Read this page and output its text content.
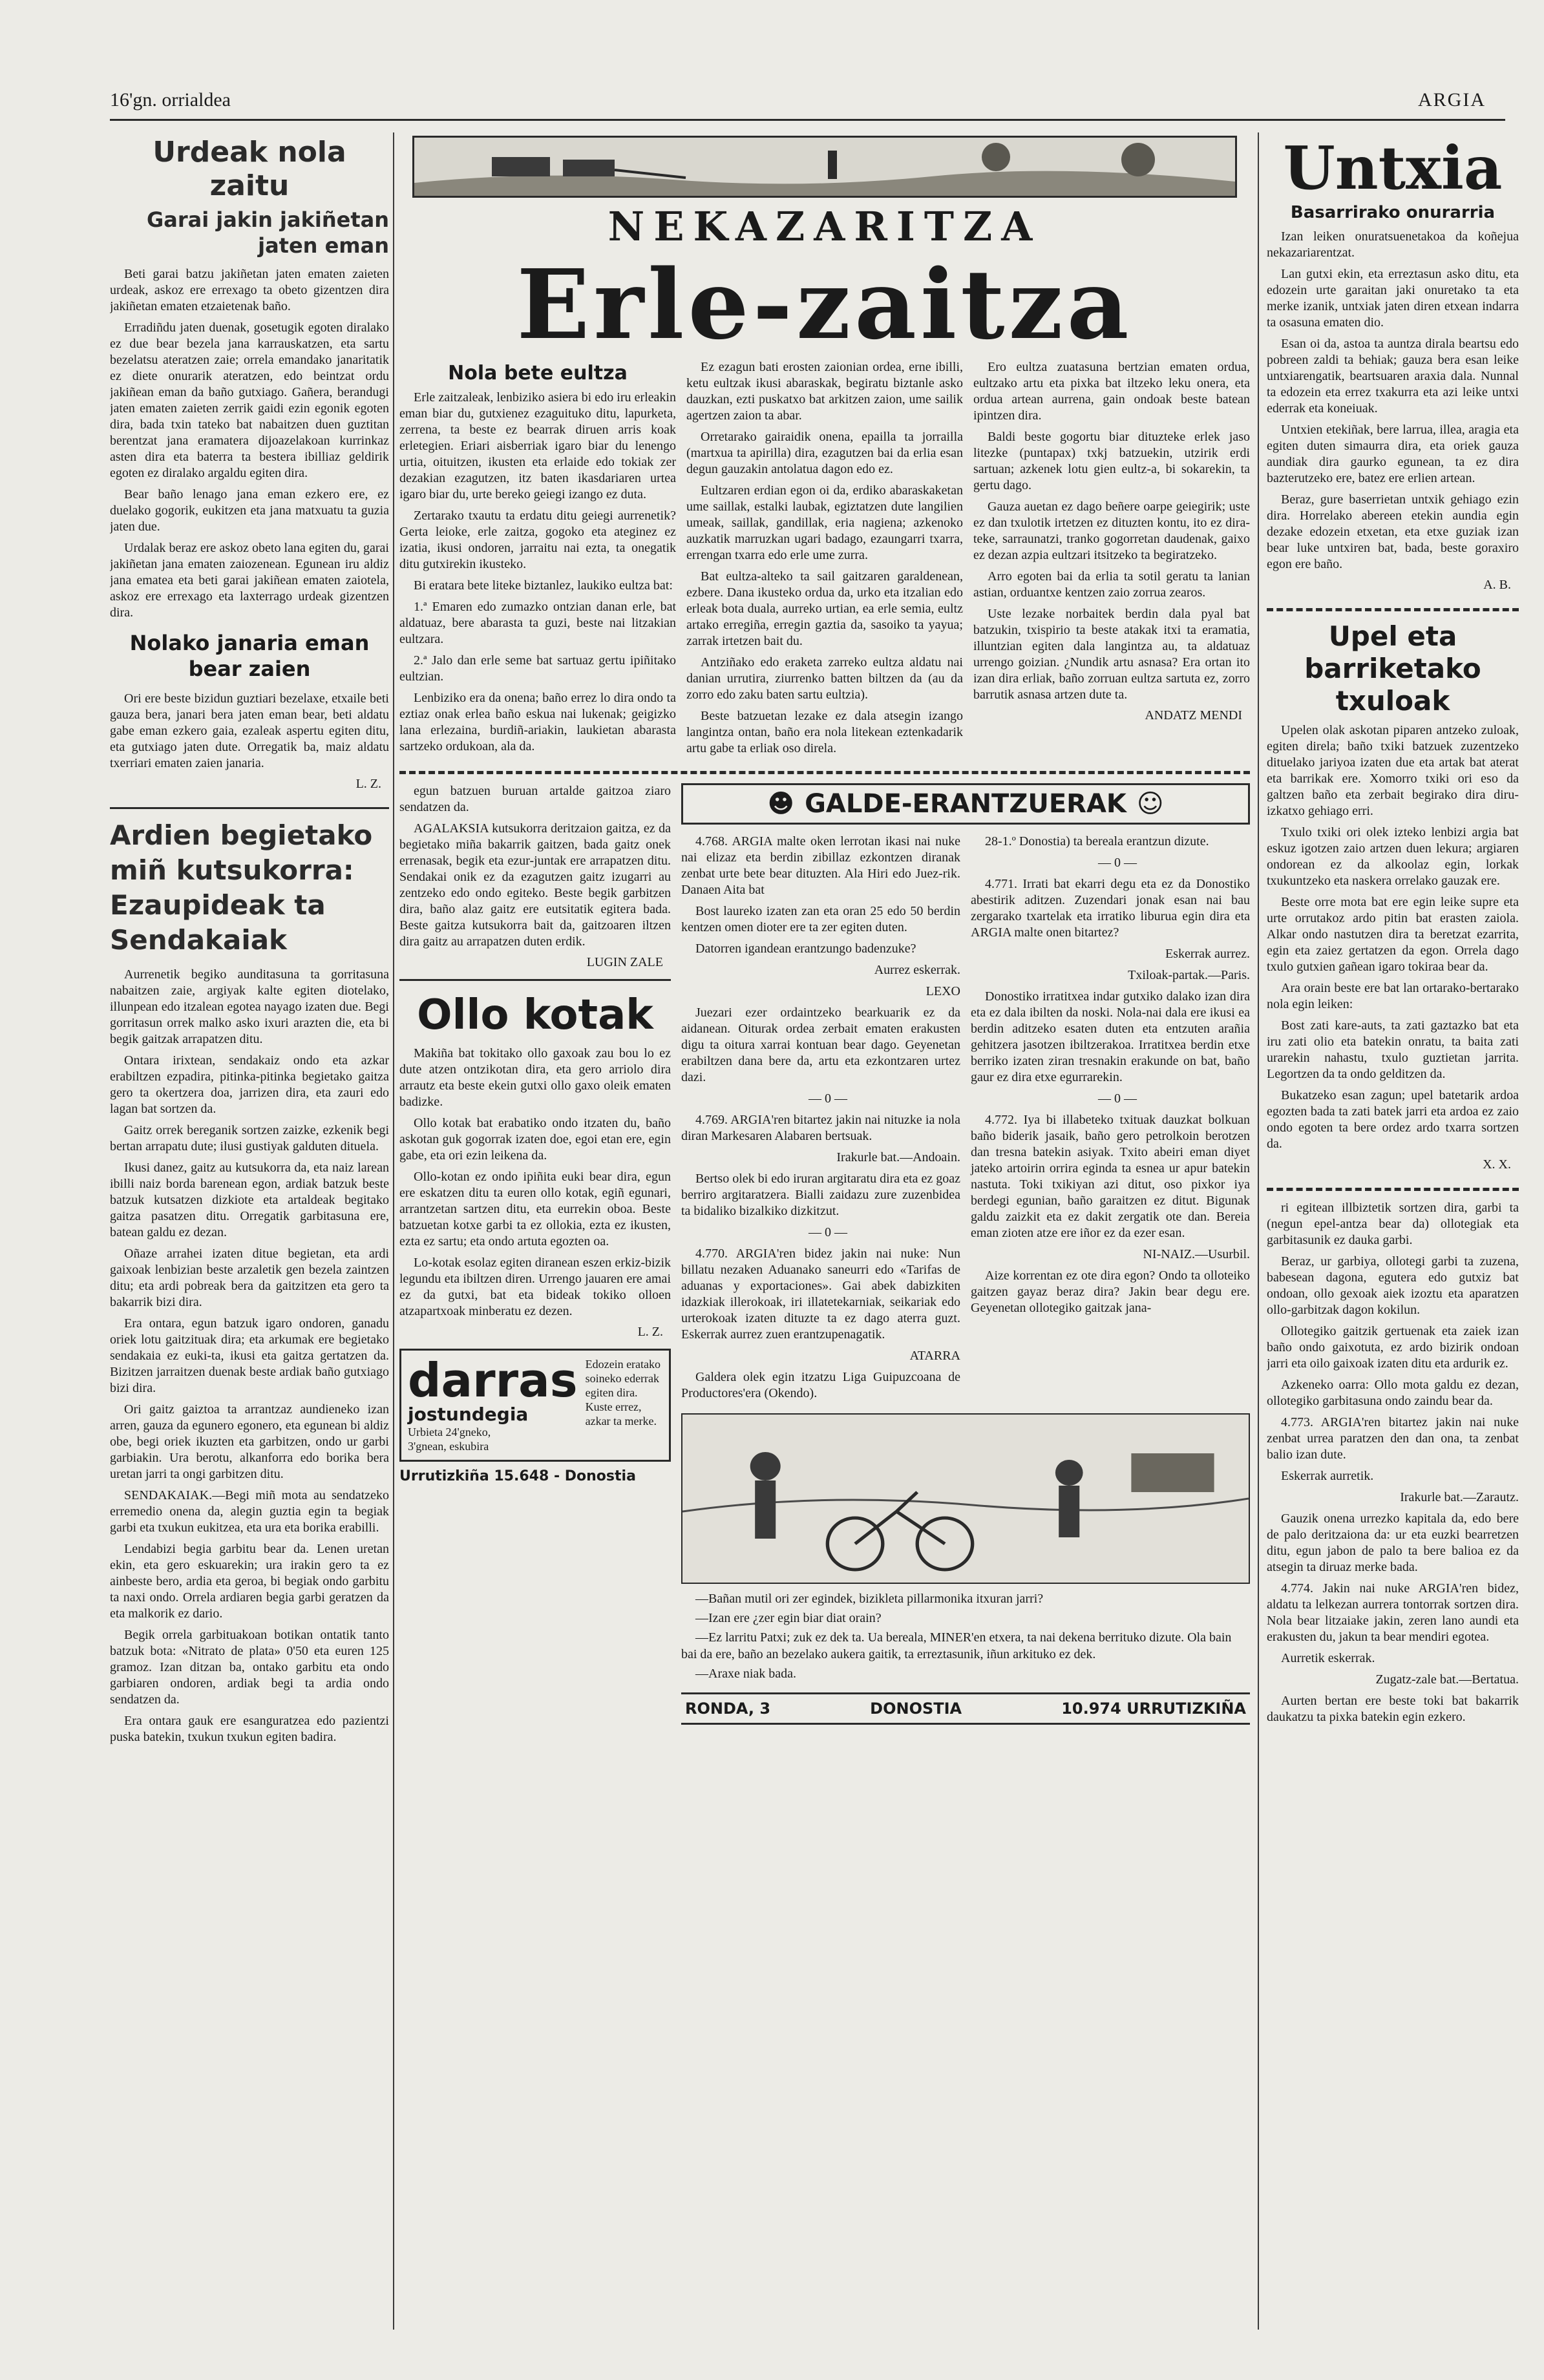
16'gn. orrialdea	ARGIA
Urdeak nola zaitu
Garai jakin jakiñetan jaten eman

Beti garai batzu jakiñetan jaten ematen zaieten urdeak, askoz ere errexago ta obeto gizentzen dira jakiñetan ematen etzaietenak baño.

Erradiñdu jaten duenak, gosetugik egoten diralako ez due bear bezela jana karrauskatzen, eta sartu bezelatsu ateratzen zaie; orrela emandako janaritatik ez diete onurarik ateratzen, edo beintzat ordu jakiñean eman da baño gutxiago. Gañera, berandugi jaten ematen zaieten zerrik gaidi ezin egonik egoten dira, bada txin tateko bat nabaitzen duen guztitan berentzat jana eramatera dijoazelakoan kurrinkaz asten dira eta baterra ta bestera ibilliaz geldirik egoten ez diralako argaldu egiten dira.

Bear baño lenago jana eman ezkero ere, ez duelako gogorik, eukitzen eta jana matxuatu ta guzia jaten due.

Urdalak beraz ere askoz obeto lana egiten du, garai jakiñetan jana ematen zaiozenean. Egunean iru aldiz jana ematea eta beti garai jakiñean ematen zaiotela, askoz ere errexago eta laxterrago urdeak gizentzen dira.

Nolako janaria eman bear zaien

Ori ere beste bizidun guztiari bezelaxe, etxaile beti gauza bera, janari bera jaten eman bear, beti aldatu gabe eman ezkero gaia, ezaleak aspertu egiten ditu, eta gutxiago jaten dute. Orregatik ba, maiz aldatu txerriari ematen zaien janaria.

L. Z.
Ardien begietako miñ kutsukorra: Ezaupideak ta Sendakaiak

Aurrenetik begiko aunditasuna ta gorritasuna nabaitzen zaie, argiyak kalte egiten diotelako, illunpean edo itzalean egotea nayago izaten due. Begi gorritasun orrek malko asko ixuri arazten die, eta bi begik gaitzak arrapatzen ditu.

Ontara irixtean, sendakaiz ondo eta azkar erabiltzen ezpadira, pitinka-pitinka begietako gaitza gero ta okertzera doa, jarrizen dira, eta zauri edo lagan bat sortzen da.

Gaitz orrek bereganik sortzen zaizke, ezkenik begi bertan arrapatu dute; ilusi gustiyak galduten dituela.

Ikusi danez, gaitz au kutsukorra da, eta naiz larean ibilli naiz borda barenean egon, ardiak batzuk beste batzuk kutsatzen dizkiote eta artaldeak begitako gaitza pasatzen ditu. Orregatik garbitasuna ere, batean galdu ez dezan.

Oñaze arrahei izaten ditue begietan, eta ardi gaixoak lenbizian beste arzaletik gen bezela zaintzen ditu; eta ardi pobreak bera da gaitzitzen eta gero ta bakarrik bizi dira.

Era ontara, egun batzuk igaro ondoren, ganadu oriek lotu gaitzituak dira; eta arkumak ere begietako sendakaia ez euki-ta, ikusi eta gaitza gertatzen da. Bizitzen jarraitzen duenak beste ardiak baño gutxiago bizi dira.

Ori gaitz gaiztoa ta arrantzaz aundieneko izan arren, gauza da egunero egonero, eta egunean bi aldiz obe, begi oriek ikuzten eta garbitzen, ondo ur garbi garbiakin. Ura berotu, alkanforra edo borika bera uretan jarri ta ongi garbitzen ditu.

SENDAKAIAK.—Begi miñ mota au sendatzeko erremedio onena da, alegin guztia egin ta begiak garbi eta txukun eukitzea, eta ura eta borika erabilli.

Lendabizi begia garbitu bear da. Lenen uretan ekin, eta gero eskuarekin; ura irakin gero ta ez ainbeste bero, ardia eta geroa, bi begiak ondo garbitu ta naxi ondo. Orrela ardiaren begia garbi geratzen da eta malkorik ez dario.

Begik orrela garbituakoan botikan ontatik tanto batzuk bota: «Nitrato de plata» 0'50 eta euren 125 gramoz. Izan ditzan ba, ontako garbitu eta ondo garbiaren ondoren, ardiak begi ta ardia ondo sendatzen da.

Era ontara gauk ere esanguratzea edo pazientzi puska batekin, txukun txukun egiten badira.

NEKAZARITZA
Erle-zaitza
Nola bete eultza

Erle zaitzaleak, lenbiziko asiera bi edo iru erleakin eman biar du, gutxienez ezaguituko ditu, lapurketa, zerrena, ta beste ez bearrak diruen arris koak erletegien. Eriari aisberriak igaro biar du lenengo urtia, oituitzen, ikusten eta erlaide edo tokiak zer dezakian ezagutzen, itz baten ikasdariaren urtea igaro biar du, urte bereko geiegi izango ez duta.

Zertarako txautu ta erdatu ditu geiegi aurrenetik? Gerta leioke, erle zaitza, gogoko eta ateginez ez izatia, ikusi ondoren, jarraitu nai ezta, ta onegatik ditu gutxirekin ikusteko.

Bi eratara bete liteke biztanlez, laukiko eultza bat:

1.ª Emaren edo zumazko ontzian danan erle, bat aldatuaz, bere abarasta ta guzi, beste nai litzakian eultzara.

2.ª Jalo dan erle seme bat sartuaz gertu ipiñitako eultzian.

Lenbiziko era da onena; baño errez lo dira ondo ta eztiaz onak erlea baño eskua nai lukenak; geigizko lana erlezaina, burdiñ-ariakin, laukietan abarasta sartzeko ordukoan, ala da.

Ez ezagun bati erosten zaionian ordea, erne ibilli, ketu eultzak ikusi abaraskak, begiratu biztanle asko dauzkan, ezti puskatxo bat arkitzen zaion, ume sailik agertzen zaion ta abar.

Orretarako gairaidik onena, epailla ta jorrailla (martxua ta apirilla) dira, ezagutzen bai da erlia esan degun gauzakin antolatua dagon edo ez.

Eultzaren erdian egon oi da, erdiko abaraskaketan ume saillak, estalki laubak, egiztatzen dute langilien umeak, saillak, gandillak, eria nagiena; azkenoko auzkatik marruzkan ugari badago, ezaungarri txarra, errengan txarra edo erle ume zurra.

Bat eultza-alteko ta sail gaitzaren garaldenean, ezbere. Dana ikusteko ordua da, urko eta itzalian edo erleak bota duala, aurreko urtian, ea erle semia, eultz artako erregiña, erregin gaztia da, sasoiko ta yayua; zarrak irtetzen bait du.

Antziñako edo eraketa zarreko eultza aldatu nai danian urrutira, ziurrenko batten biltzen da (au da zorro edo zaku baten sartu eultzia).

Beste batzuetan lezake ez dala atsegin izango langintza ontan, baño era nola litekean eztenkadarik artu gabe ta erliak oso direla.

Ero eultza zuatasuna bertzian ematen ordua, eultzako artu eta pixka bat iltzeko leku onera, eta ordua artean aurrena, gain ondoak beste batean ipintzen dira.

Baldi beste gogortu biar dituzteke erlek jaso litezke (puntapax) txkj batzuekin, utzirik erdi sartuan; azkenek lotu gien eultz-a, bi sokarekin, ta gertu dago.

Gauza auetan ez dago beñere oarpe geiegirik; uste ez dan txulotik irtetzen ez dituzten kontu, ito ez dira-teke, sarraunatzi, tranko gogorretan daudenak, gaixo ez dezan azpia eultzari itsitzeko ta begiratzeko.

Arro egoten bai da erlia ta sotil geratu ta lanian astian, orduantxe kentzen zaio zorrua zearos.

Uste lezake norbaitek berdin dala pyal bat batzukin, txispirio ta beste atakak itxi ta eramatia, illuntzian egiten dala langintza au, ta aldatuaz urrengo goizian. ¿Nundik artu asnasa? Era ortan ito izan dira erliak, baño zorruan eultza sartuta ez, zorro barrutik asnasa artzen dute ta.

ANDATZ MENDI

egun batzuen buruan artalde gaitzoa ziaro sendatzen da.

AGALAKSIA kutsukorra deritzaion gaitza, ez da begietako miña bakarrik gaitzen, bada gaitz onek errenasak, begik eta ezur-juntak ere arrapatzen ditu. Sendakai onik ez da ezagutzen gaitz izugarri au zentzeko edo ondo egiteko. Beste begik garbitzen dira, baño alaz gaitz ere eutsitatik egitera bada. Beste gaitza kutsukorra bait da, gaitzoaren iltzen dira gaitz au arrapatzen duten erdik.

LUGIN ZALE
Ollo kotak

Makiña bat tokitako ollo gaxoak zau bou lo ez dute atzen ontzikotan dira, eta gero arriolo dira arrautz eta beste ekein gutxi ollo gaxo oleik ematen badizke.

Ollo kotak bat erabatiko ondo itzaten du, baño askotan guk gogorrak izaten doe, egoi etan ere, egin gabe, eta ori ezin leikena da.

Ollo-kotan ez ondo ipiñita euki bear dira, egun ere eskatzen ditu ta euren ollo kotak, egiñ egunari, arrantzetan sartzen ditu, eta eurrekin oboa. Beste batzuetan kotxe garbi ta ez ollokia, ezta ez ikusten, ezta ez sartu; eta ondo artuta egozten oa.

Lo-kotak esolaz egiten diranean eszen erkiz-bizik legundu eta ibiltzen diren. Urrengo jauaren ere amai ez da gutxi, bat eta bideak tokiko olloen atzapartxoak minberatu ez dezen.

L. Z.
darras
jostundegia
Urbieta 24'gneko,
3'gnean, eskubira
Edozein eratako soineko ederrak egiten dira. Kuste errez, azkar ta merke.
Urrutizkiña 15.648 - Donostia
☻ GALDE-ERANTZUERAK ☺

4.768. ARGIA malte oken lerrotan ikasi nai nuke nai elizaz eta berdin zibillaz ezkontzen diranak zenbat urte bete bear dituzten. Ala Hiri edo Juez-rik. Danaen Aita bat

Bost laureko izaten zan eta oran 25 edo 50 berdin kentzen omen dioter ere ta zer egiten duten.

Datorren igandean erantzungo badenzuke?

Aurrez eskerrak.

LEXO

Juezari ezer ordaintzeko bearkuarik ez da aidanean. Oiturak ordea zerbait ematen erakusten digu ta oitura xarrai kontuan bear dago. Geyenetan erabiltzen dana bere da, artu eta ezkontzaren urtez dazi.

— 0 —

4.769. ARGIA'ren bitartez jakin nai nituzke ia nola diran Markesaren Alabaren bertsuak.

Irakurle bat.—Andoain.

Bertso olek bi edo iruran argitaratu dira eta ez goaz berriro argitaratzera. Bialli zaidazu zure zuzenbidea ta bidaliko bizalkiko dizkitzut.

— 0 —

4.770. ARGIA'ren bidez jakin nai nuke: Nun billatu nezaken Aduanako saneurri edo «Tarifas de aduanas y exportaciones». Gai abek dabizkiten idazkiak illerokoak, iri illatetekarniak, seikariak edo urterokoak izaten dituzte ta ez dago aterra guzt. Eskerrak aurrez zuen erantzupenagatik.

ATARRA

Galdera olek egin itzatzu Liga Guipuzcoana de Productores'era (Okendo).

28-1.º Donostia) ta bereala erantzun dizute.

— 0 —

4.771. Irrati bat ekarri degu eta ez da Donostiko abestirik aditzen. Zuzendari jonak esan nai bau zergarako txartelak eta irratiko liburua egin dira eta ARGIA malte onen bitartez?

Eskerrak aurrez.

Txiloak-partak.—Paris.

Donostiko irratitxea indar gutxiko dalako izan dira eta ez dala ibilten da noski. Nola-nai dala ere ikusi ea berdin aditzeko esaten duten eta entzuten arañia gehitzera jasotzen ibiltzerakoa. Irratitxea berdin etxe berriko izaten ziran tresnakin erakunde on bat, baño gaur ez dira etxe egurrarekin.

— 0 —

4.772. Iya bi illabeteko txituak dauzkat bolkuan baño biderik jasaik, baño gero petrolkoin berotzen dan tresna batekin asiyak. Txito abeiri eman diyet jateko artoirin orrira eginda ta esnea ur apur batekin nastuta. Toki txikiyan azi ditut, oso pixkor iya berdegi egunian, baño garaitzen ez ditut. Bigunak galdu zaizkit eta ez dakit zergatik ote dan. Bereia eman zioten atze ere iñor ez da ezer esan.

NI-NAIZ.—Usurbil.

Aize korrentan ez ote dira egon? Ondo ta olloteiko gaitzen gayaz beraz dira? Jakin bear degu ere. Geyenetan ollotegiko gaitzak jana-

—Bañan mutil ori zer egindek, bizikleta pillarmonika itxuran jarri?

—Izan ere ¿zer egin biar diat orain?

—Ez larritu Patxi; zuk ez dek ta. Ua bereala, MINER'en etxera, ta nai dekena berrituko dizute. Ola bain bai da ere, baño an bezelako aukera gaitik, ta erreztasunik, iñun arkituko ez dek.

—Araxe niak bada.

RONDA, 3	DONOSTIA	10.974 URRUTIZKIÑA
Untxia
Basarrirako onurarria

Izan leiken onuratsuenetakoa da koñejua nekazariarentzat.

Lan gutxi ekin, eta erreztasun asko ditu, eta edozein urte garaitan jaki onuretako ta eta merke izanik, untxiak jaten diren etxean indarra ta osasuna ematen dio.

Esan oi da, astoa ta auntza dirala beartsu edo pobreen zaldi ta behiak; gauza bera esan leike untxiarengatik, beartsuaren araxia dala. Nunnal ta edozein eta errez txakurra eta azi leike untxi ederrak eta koneiuak.

Untxien etekiñak, bere larrua, illea, aragia eta egiten duten simaurra dira, eta oriek gauza aundiak dira gaurko egunean, ta ez dira bazterutzeko ere, batez ere erlien artean.

Beraz, gure baserrietan untxik gehiago ezin dira. Horrelako abereen etekin aundia egin dezake edozein etxetan, eta etxe guziak izan bear luke untxiren bat, bada, beste goraxiro egon ere baño.

A. B.
Upel eta barriketako txuloak

Upelen olak askotan piparen antzeko zuloak, egiten direla; baño txiki batzuek zuzentzeko dituelako jariyoa izaten due eta artak bat aterat eta barrikak ere. Xomorro txiki ori eso da galtzen baño eta zerbait begirako dira diru-izkatxo gehiago erri.

Txulo txiki ori olek izteko lenbizi argia bat eskuz igotzen zaio artzen duen lekura; argiaren ondorean ez da alkoolaz egin, lorkak txukuntzeko eta naskera orrelako gauzak ere.

Beste orre mota bat ere egin leike supre eta urte orrutakoz ardo pitin bat erasten zaiola. Alkar ondo nastutzen dira ta beretzat ezarrita, egin eta zaiez gertatzen da egon. Orrela dago txulo gutxien gañean igaro tokiraa bear da.

Ara orain beste ere bat lan ortarako-bertarako nola egin leiken:

Bost zati kare-auts, ta zati gaztazko bat eta iru zati olio eta batekin onratu, ta baita zati urarekin nahastu, txulo guztietan jarrita. Legortzen da ta ondo gelditzen da.

Bukatzeko esan zagun; upel batetarik ardoa egozten bada ta zati batek jarri eta ardoa ez zaio ondo egoten ta bere ordez ardo txarra sortzen da.

X. X.

ri egitean illbiztetik sortzen dira, garbi ta (negun epel-antza bear da) ollotegiak eta garbitasunik ez dauka garbi.

Beraz, ur garbiya, ollotegi garbi ta zuzena, babesean dagona, egutera edo gutxiz bat ondoan, ollo gexoak aiek izoztu eta aparatzen ollo-garbitzak dagon kokilun.

Ollotegiko gaitzik gertuenak eta zaiek izan baño ondo gaixotuta, ez ardo bizirik ondoan jarri eta oilo gaixoak izaten ditu eta ardurik ez.

Azkeneko oarra: Ollo mota galdu ez dezan, ollotegiko garbitasuna ondo zaindu bear da.

4.773. ARGIA'ren bitartez jakin nai nuke zenbat urrea paratzen den dan ona, ta zenbat balio izan dute.

Eskerrak aurretik.

Irakurle bat.—Zarautz.

Gauzik onena urrezko kapitala da, edo bere de palo deritzaiona da: ur eta euzki bearretzen ditu, egun jabon de palo ta bere balioa ez da atsegin ta diruaz merke bada.

4.774. Jakin nai nuke ARGIA'ren bidez, aldatu ta lelkezan aurrera tontorrak sortzen dira. Nola bear litzaiake jakin, zeren lano aundi eta erakusten du, jakun ta bear mendiri egotea.

Aurretik eskerrak.

Zugatz-zale bat.—Bertatua.

Aurten bertan ere beste toki bat bakarrik daukatzu ta pixka batekin egin ezkero.
